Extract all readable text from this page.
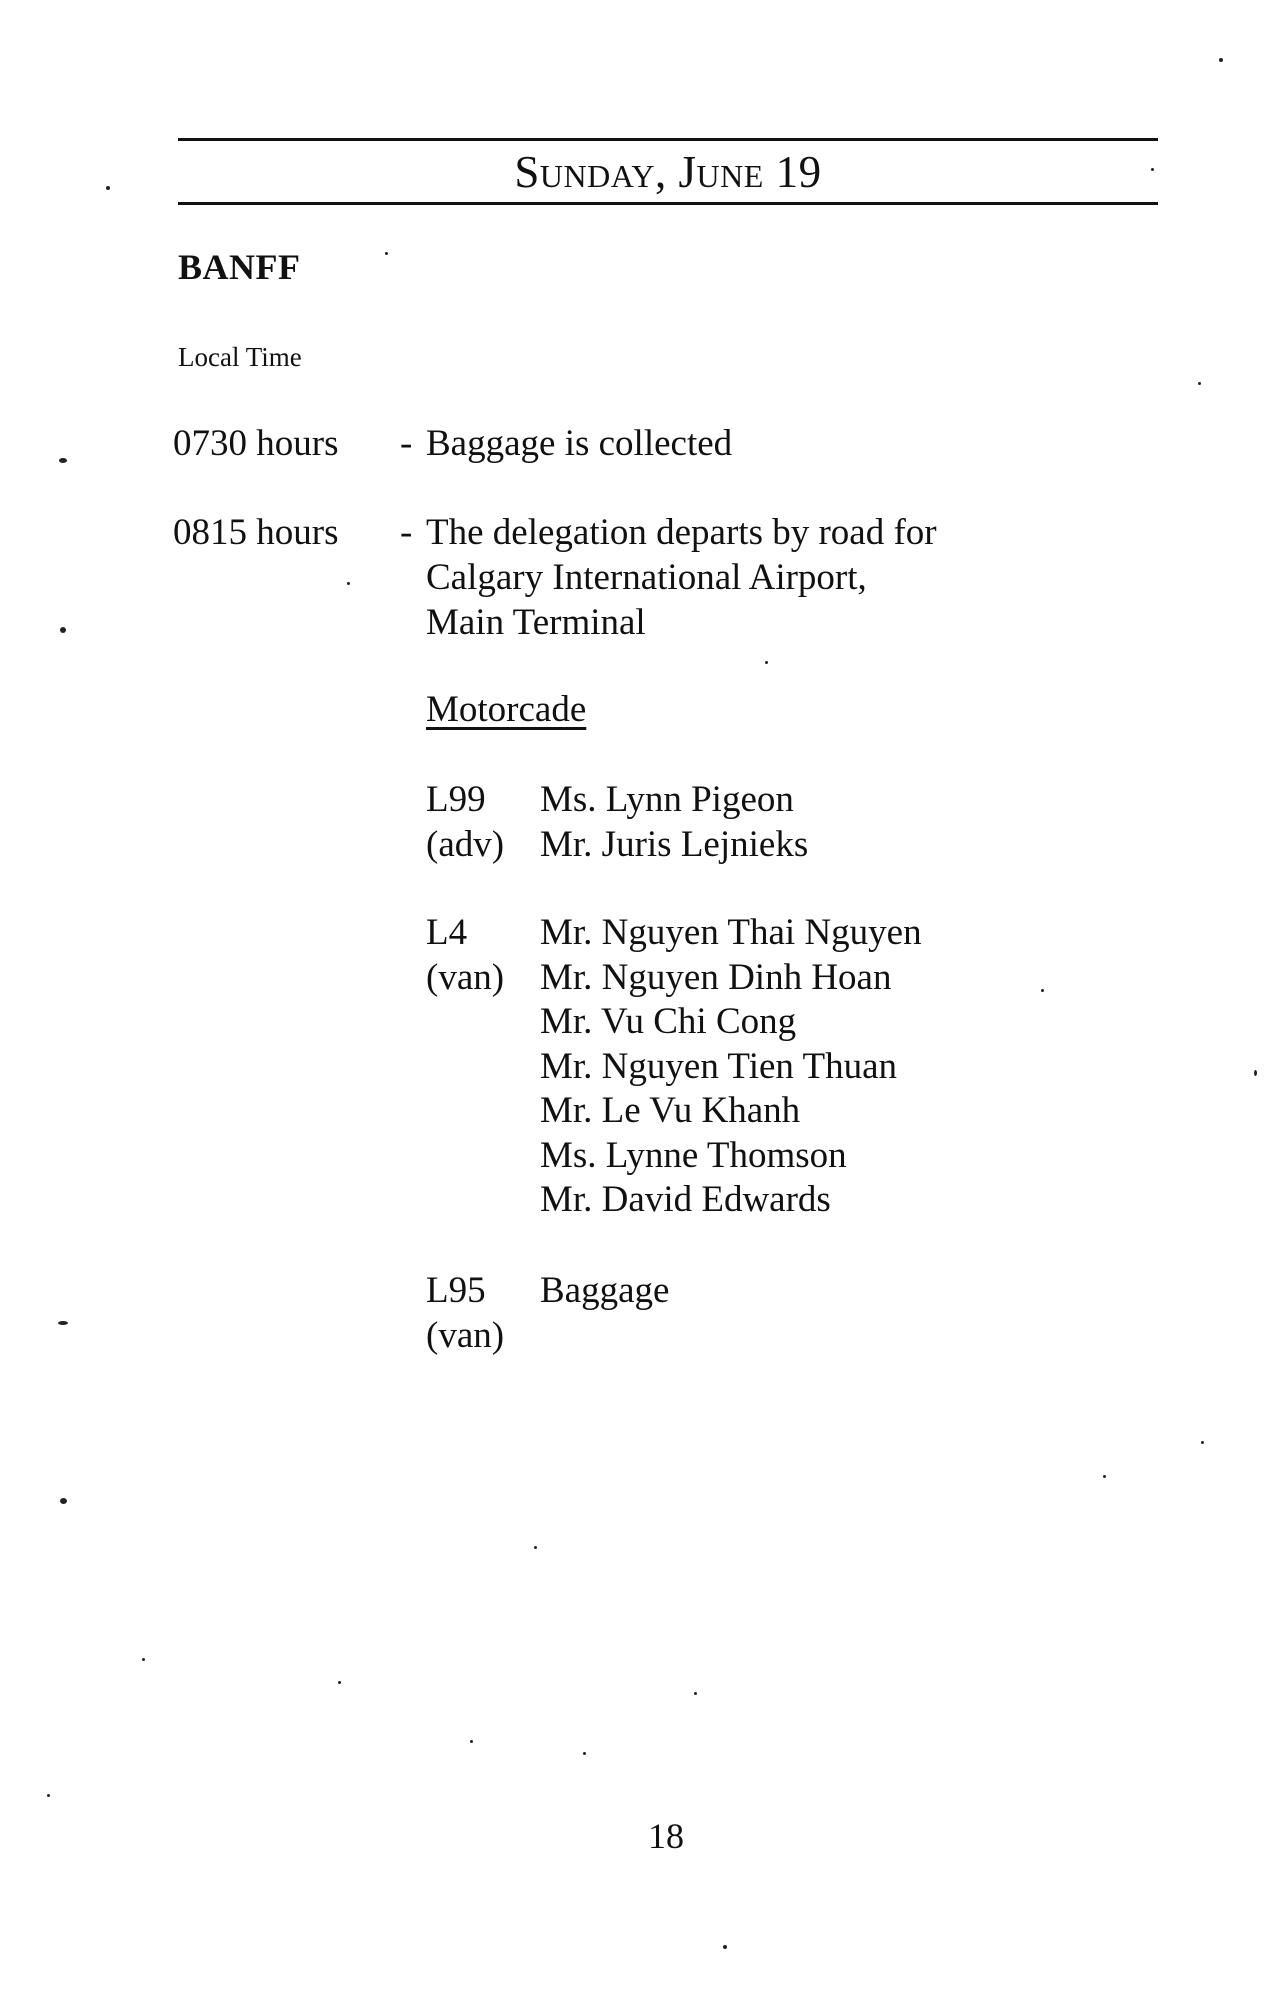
Sunday, June 19
BANFF
Local Time
0730 hours - Baggage is collected
0815 hours - The delegation departs by road for
Calgary International Airport,
Main Terminal
Motorcade
L99
(adv)
Ms. Lynn Pigeon
Mr. Juris Lejnieks
L4
(van)
Mr. Nguyen Thai Nguyen
Mr. Nguyen Dinh Hoan
Mr. Vu Chi Cong
Mr. Nguyen Tien Thuan
Mr. Le Vu Khanh
Ms. Lynne Thomson
Mr. David Edwards
L95
(van)
Baggage
18
